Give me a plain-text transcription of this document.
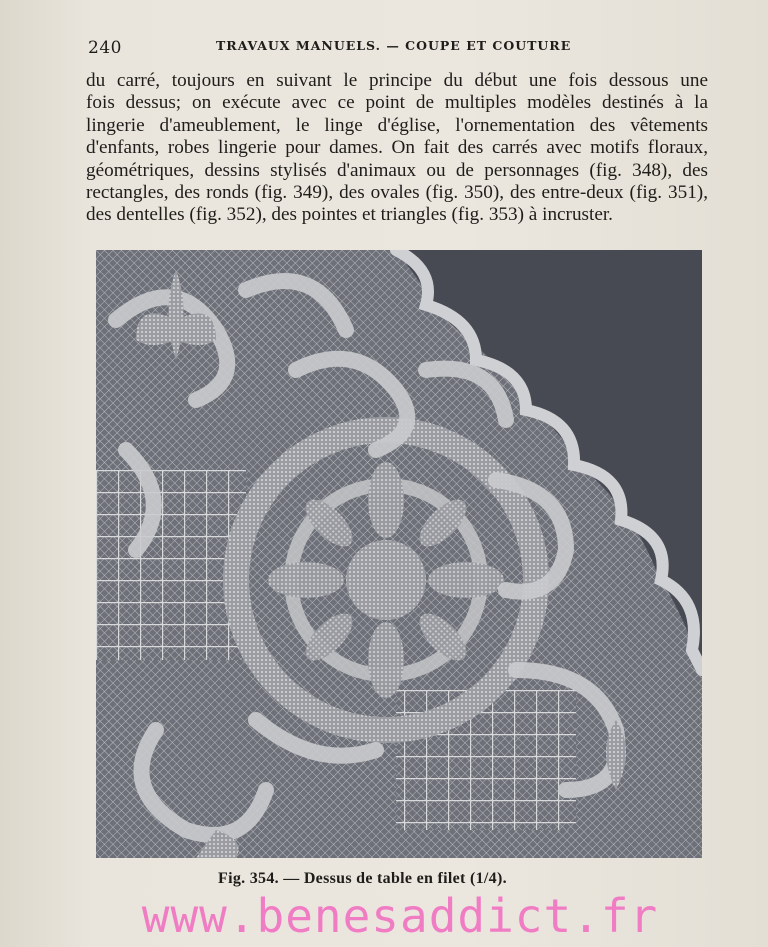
240	TRAVAUX MANUELS. — COUPE ET COUTURE
du carré, toujours en suivant le principe du début une fois dessous une
fois dessus; on exécute avec ce point de multiples modèles destinés à la
lingerie d'ameublement, le linge d'église, l'ornementation des vêtements
d'enfants, robes lingerie pour dames. On fait des carrés avec motifs floraux,
géométriques, dessins stylisés d'animaux ou de personnages (fig. 348), des
rectangles, des ronds (fig. 349), des ovales (fig. 350), des entre-deux (fig. 351),
des dentelles (fig. 352), des pointes et triangles (fig. 353) à incruster.
Fig. 354. — Dessus de table en filet (1/4).
www.benesaddict.fr
